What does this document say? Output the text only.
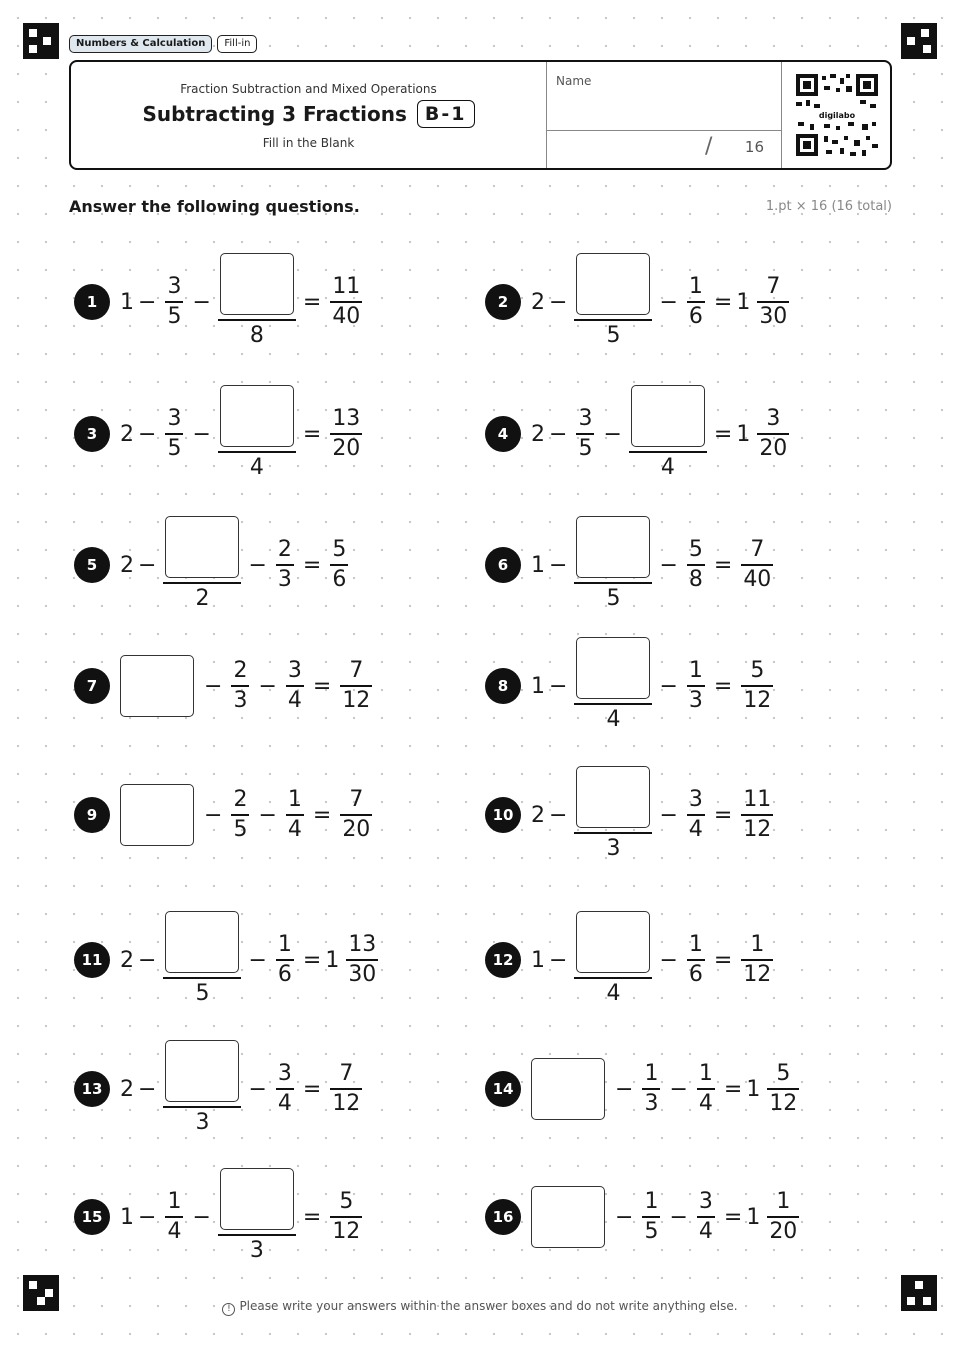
Numbers & Calculation	Fill-in
Fraction Subtraction and Mixed Operations
Subtracting 3 Fractions B-1
Fill in the Blank
Name
/ 16
digilabo
Answer the following questions.	1.pt × 16 (16 total)
1	$1 - \frac{3}{5}$ −
8
= $\frac{11}{40}$	2	2 −
5
− $\frac{1}{6} = 1 \frac{7}{30}$
3	$2 - \frac{3}{5}$ −
4
= $\frac{13}{20}$	4	$2 - \frac{3}{5}$ −
4
= $1 \frac{3}{20}$
5	2 −
2
− $\frac{2}{3} = \frac{5}{6}$	6	1 −
5
− $\frac{5}{8} = \frac{7}{40}$
7	− $\frac{2}{3} - \frac{3}{4} = \frac{7}{12}$	8	1 −
4
− $\frac{1}{3} = \frac{5}{12}$
9	− $\frac{2}{5} - \frac{1}{4} = \frac{7}{20}$	10 2 −
3
− $\frac{3}{4} = \frac{11}{12}$
11 2 −
5
− $\frac{1}{6} = 1 \frac{13}{30}$	12 1 −
4
− $\frac{1}{6} = \frac{1}{12}$
13 2 −
3
− $\frac{3}{4} = \frac{7}{12}$	14	− $\frac{1}{3} - \frac{1}{4} = 1 \frac{5}{12}$
15 $1 - \frac{1}{4}$ −
3
= $\frac{5}{12}$	16	− $\frac{1}{5} - \frac{3}{4} = 1 \frac{1}{20}$
! Please write your answers within the answer boxes and do not write anything else.
